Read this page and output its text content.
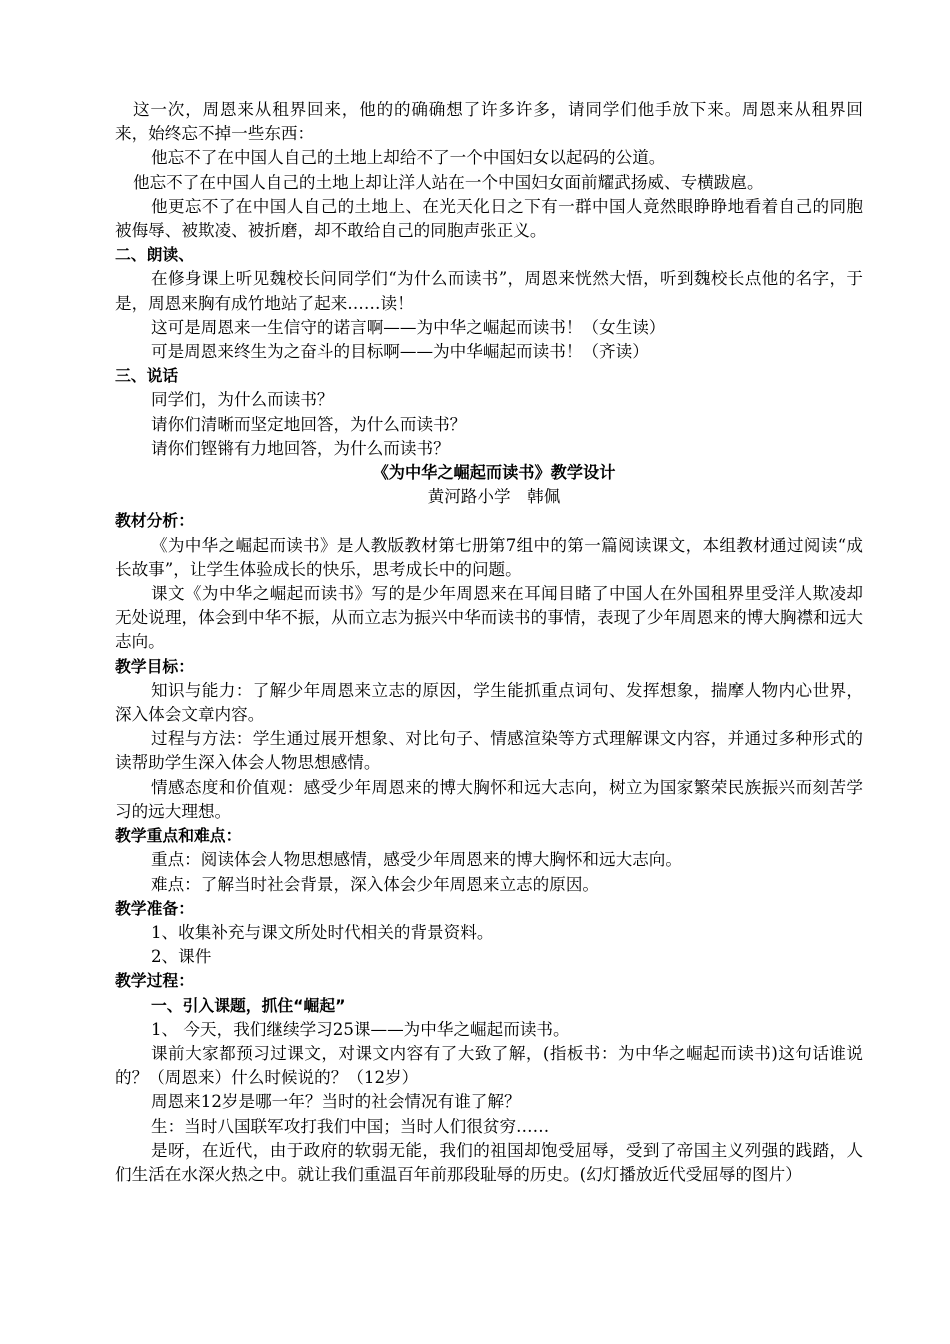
这一次，周恩来从租界回来，他的的确确想了许多许多，请同学们他手放下来。周恩来从租界回来，始终忘不掉一些东西：

他忘不了在中国人自己的土地上却给不了一个中国妇女以起码的公道。

他忘不了在中国人自己的土地上却让洋人站在一个中国妇女面前耀武扬威、专横跋扈。

他更忘不了在中国人自己的土地上、在光天化日之下有一群中国人竟然眼睁睁地看着自己的同胞被侮辱、被欺凌、被折磨，却不敢给自己的同胞声张正义。

二、朗读、

在修身课上听见魏校长问同学们“为什么而读书”，周恩来恍然大悟，听到魏校长点他的名字，于是，周恩来胸有成竹地站了起来……读！

这可是周恩来一生信守的诺言啊——为中华之崛起而读书！（女生读）

可是周恩来终生为之奋斗的目标啊——为中华崛起而读书！（齐读）

三、说话

同学们，为什么而读书？

请你们清晰而坚定地回答，为什么而读书？

请你们铿锵有力地回答，为什么而读书？

《为中华之崛起而读书》教学设计

黄河路小学　韩佩

教材分析：

《为中华之崛起而读书》是人教版教材第七册第7组中的第一篇阅读课文，本组教材通过阅读“成长故事”，让学生体验成长的快乐，思考成长中的问题。

课文《为中华之崛起而读书》写的是少年周恩来在耳闻目睹了中国人在外国租界里受洋人欺凌却无处说理，体会到中华不振，从而立志为振兴中华而读书的事情，表现了少年周恩来的博大胸襟和远大志向。

教学目标：

知识与能力：了解少年周恩来立志的原因，学生能抓重点词句、发挥想象，揣摩人物内心世界，深入体会文章内容。

过程与方法：学生通过展开想象、对比句子、情感渲染等方式理解课文内容，并通过多种形式的读帮助学生深入体会人物思想感情。

情感态度和价值观：感受少年周恩来的博大胸怀和远大志向，树立为国家繁荣民族振兴而刻苦学习的远大理想。

教学重点和难点：

重点：阅读体会人物思想感情，感受少年周恩来的博大胸怀和远大志向。

难点：了解当时社会背景，深入体会少年周恩来立志的原因。

教学准备：

1、收集补充与课文所处时代相关的背景资料。

2、课件

教学过程：

一、引入课题，抓住“崛起”

1、 今天，我们继续学习25课——为中华之崛起而读书。

课前大家都预习过课文，对课文内容有了大致了解，(指板书：为中华之崛起而读书)这句话谁说的？（周恩来）什么时候说的？（12岁）

周恩来12岁是哪一年？当时的社会情况有谁了解？

生：当时八国联军攻打我们中国；当时人们很贫穷……

是呀，在近代，由于政府的软弱无能，我们的祖国却饱受屈辱，受到了帝国主义列强的践踏，人们生活在水深火热之中。就让我们重温百年前那段耻辱的历史。(幻灯播放近代受屈辱的图片）
